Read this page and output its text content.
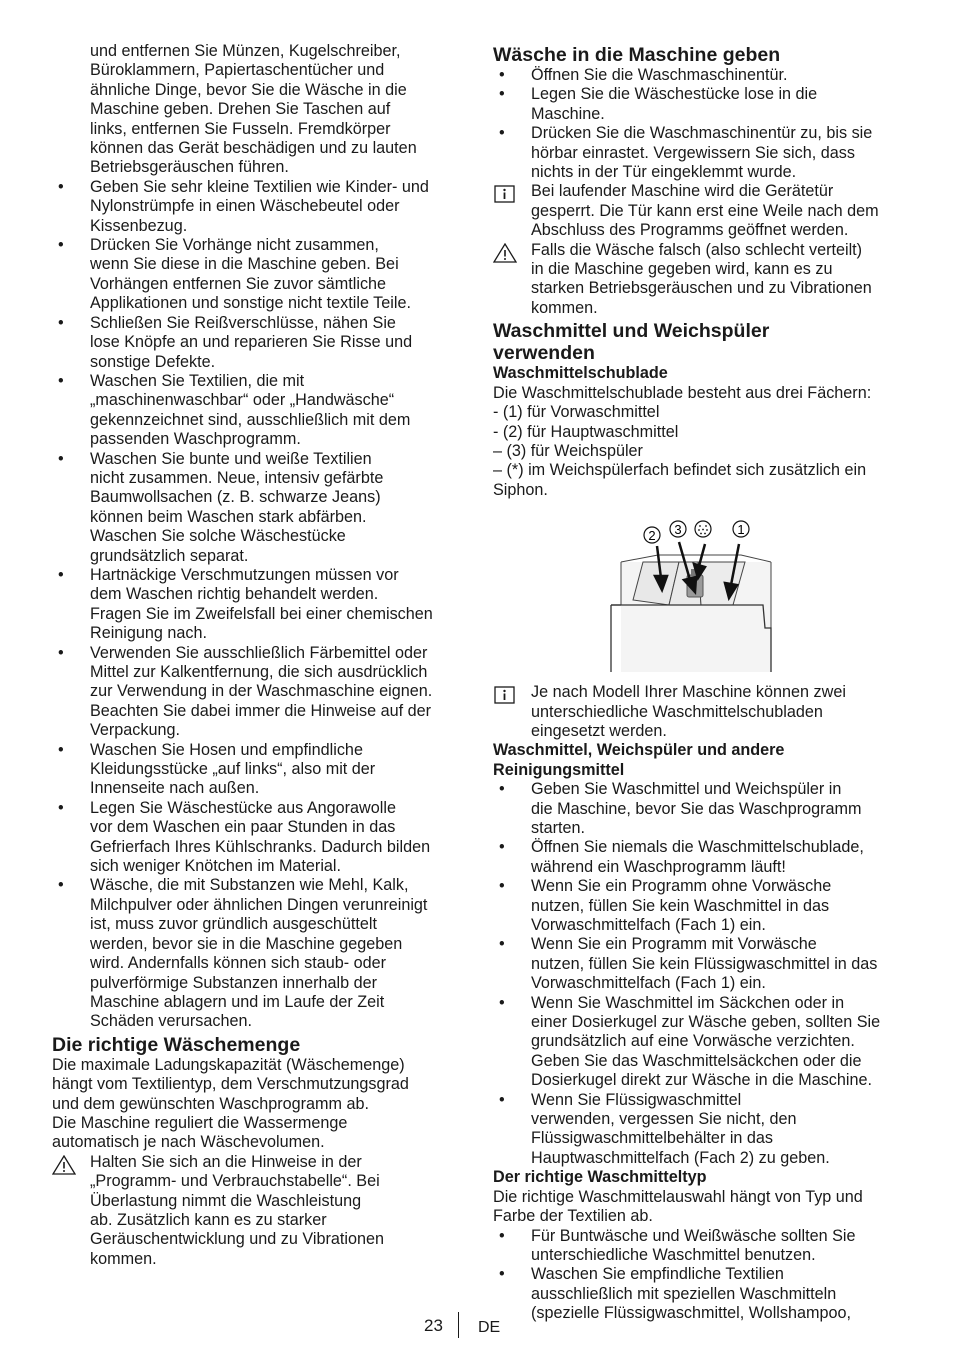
und entfernen Sie Münzen, Kugelschreiber,
Büroklammern, Papiertaschentücher und
ähnliche Dinge, bevor Sie die Wäsche in die
Maschine geben. Drehen Sie Taschen auf
links, entfernen Sie Fusseln. Fremdkörper
können das Gerät beschädigen und zu lauten
Betriebsgeräuschen führen.
• Geben Sie sehr kleine Textilien wie Kinder- und
Nylonstrümpfe in einen Wäschebeutel oder
Kissenbezug.
• Drücken Sie Vorhänge nicht zusammen,
wenn Sie diese in die Maschine geben. Bei
Vorhängen entfernen Sie zuvor sämtliche
Applikationen und sonstige nicht textile Teile.
• Schließen Sie Reißverschlüsse, nähen Sie
lose Knöpfe an und reparieren Sie Risse und
sonstige Defekte.
• Waschen Sie Textilien, die mit
„maschinenwaschbar“ oder „Handwäsche“
gekennzeichnet sind, ausschließlich mit dem
passenden Waschprogramm.
• Waschen Sie bunte und weiße Textilien
nicht zusammen. Neue, intensiv gefärbte
Baumwollsachen (z. B. schwarze Jeans)
können beim Waschen stark abfärben.
Waschen Sie solche Wäschestücke
grundsätzlich separat.
• Hartnäckige Verschmutzungen müssen vor
dem Waschen richtig behandelt werden.
Fragen Sie im Zweifelsfall bei einer chemischen
Reinigung nach.
• Verwenden Sie ausschließlich Färbemittel oder
Mittel zur Kalkentfernung, die sich ausdrücklich
zur Verwendung in der Waschmaschine eignen.
Beachten Sie dabei immer die Hinweise auf der
Verpackung.
• Waschen Sie Hosen und empfindliche
Kleidungsstücke „auf links“, also mit der
Innenseite nach außen.
• Legen Sie Wäschestücke aus Angorawolle
vor dem Waschen ein paar Stunden in das
Gefrierfach Ihres Kühlschranks. Dadurch bilden
sich weniger Knötchen im Material.
• Wäsche, die mit Substanzen wie Mehl, Kalk,
Milchpulver oder ähnlichen Dingen verunreinigt
ist, muss zuvor gründlich ausgeschüttelt
werden, bevor sie in die Maschine gegeben
wird. Andernfalls können sich staub- oder
pulverförmige Substanzen innerhalb der
Maschine ablagern und im Laufe der Zeit
Schäden verursachen.
Die richtige Wäschemenge
Die maximale Ladungskapazität (Wäschemenge)
hängt vom Textilientyp, dem Verschmutzungsgrad
und dem gewünschten Waschprogramm ab.
Die Maschine reguliert die Wassermenge
automatisch je nach Wäschevolumen.
Halten Sie sich an die Hinweise in der
„Programm- und Verbrauchstabelle“. Bei
Überlastung nimmt die Waschleistung
ab. Zusätzlich kann es zu starker
Geräuschentwicklung und zu Vibrationen
kommen.
Wäsche in die Maschine geben
• Öffnen Sie die Waschmaschinentür.
• Legen Sie die Wäschestücke lose in die
Maschine.
• Drücken Sie die Waschmaschinentür zu, bis sie
hörbar einrastet. Vergewissern Sie sich, dass
nichts in der Tür eingeklemmt wurde.
Bei laufender Maschine wird die Gerätetür
gesperrt. Die Tür kann erst eine Weile nach dem
Abschluss des Programms geöffnet werden.
Falls die Wäsche falsch (also schlecht verteilt)
in die Maschine gegeben wird, kann es zu
starken Betriebsgeräuschen und zu Vibrationen
kommen.
Waschmittel und Weichspüler
verwenden
Waschmittelschublade
Die Waschmittelschublade besteht aus drei Fächern:
- (1) für Vorwaschmittel
- (2) für Hauptwaschmittel
– (3) für Weichspüler
– (*) im Weichspülerfach befindet sich zusätzlich ein
Siphon.
2 3	1
Je nach Modell Ihrer Maschine können zwei
unterschiedliche Waschmittelschubladen
eingesetzt werden.
Waschmittel, Weichspüler und andere
Reinigungsmittel
• Geben Sie Waschmittel und Weichspüler in
die Maschine, bevor Sie das Waschprogramm
starten.
• Öffnen Sie niemals die Waschmittelschublade,
während ein Waschprogramm läuft!
• Wenn Sie ein Programm ohne Vorwäsche
nutzen, füllen Sie kein Waschmittel in das
Vorwaschmittelfach (Fach 1) ein.
• Wenn Sie ein Programm mit Vorwäsche
nutzen, füllen Sie kein Flüssigwaschmittel in das
Vorwaschmittelfach (Fach 1) ein.
• Wenn Sie Waschmittel im Säckchen oder in
einer Dosierkugel zur Wäsche geben, sollten Sie
grundsätzlich auf eine Vorwäsche verzichten.
Geben Sie das Waschmittelsäckchen oder die
Dosierkugel direkt zur Wäsche in die Maschine.
• Wenn Sie Flüssigwaschmittel
verwenden, vergessen Sie nicht, den
Flüssigwaschmittelbehälter in das
Hauptwaschmittelfach (Fach 2) zu geben.
Der richtige Waschmitteltyp
Die richtige Waschmittelauswahl hängt von Typ und
Farbe der Textilien ab.
• Für Buntwäsche und Weißwäsche sollten Sie
unterschiedliche Waschmittel benutzen.
• Waschen Sie empfindliche Textilien
ausschließlich mit speziellen Waschmitteln
(spezielle Flüssigwaschmittel, Wollshampoo,
23 DE
